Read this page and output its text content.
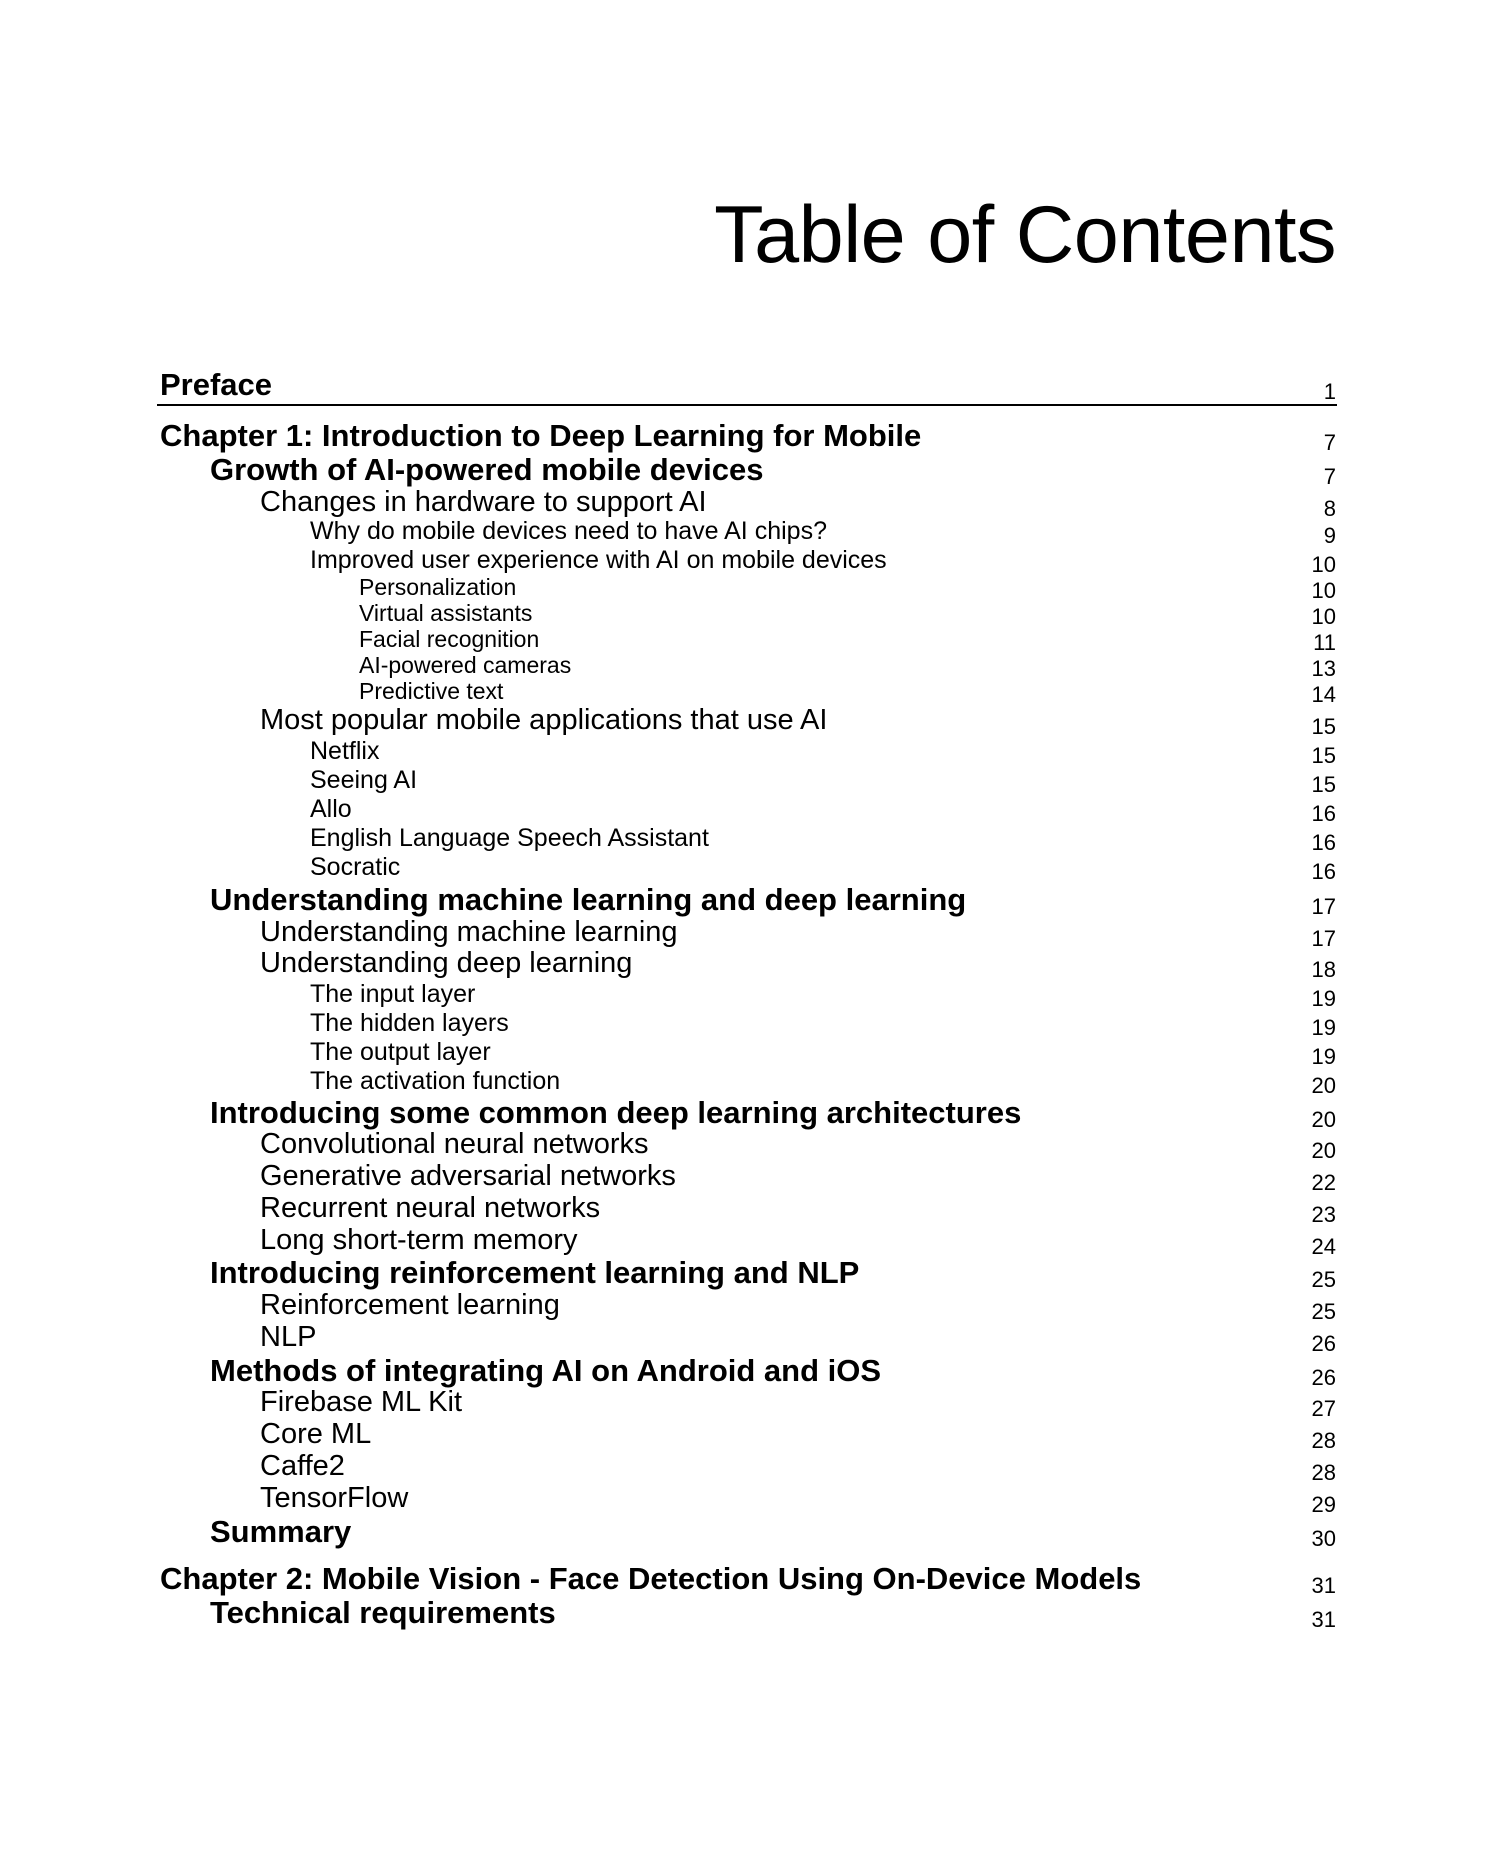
Table of Contents
Preface	1
Chapter 1: Introduction to Deep Learning for Mobile	7
Growth of AI-powered mobile devices	7
Changes in hardware to support AI	8
Why do mobile devices need to have AI chips?	9
Improved user experience with AI on mobile devices	10
Personalization	10
Virtual assistants	10
Facial recognition	11
AI-powered cameras	13
Predictive text	14
Most popular mobile applications that use AI	15
Netflix	15
Seeing AI	15
Allo	16
English Language Speech Assistant	16
Socratic	16
Understanding machine learning and deep learning	17
Understanding machine learning	17
Understanding deep learning	18
The input layer	19
The hidden layers	19
The output layer	19
The activation function	20
Introducing some common deep learning architectures	20
Convolutional neural networks	20
Generative adversarial networks	22
Recurrent neural networks	23
Long short-term memory	24
Introducing reinforcement learning and NLP	25
Reinforcement learning	25
NLP	26
Methods of integrating AI on Android and iOS	26
Firebase ML Kit	27
Core ML	28
Caffe2	28
TensorFlow	29
Summary	30
Chapter 2: Mobile Vision - Face Detection Using On-Device Models	31
Technical requirements	31
